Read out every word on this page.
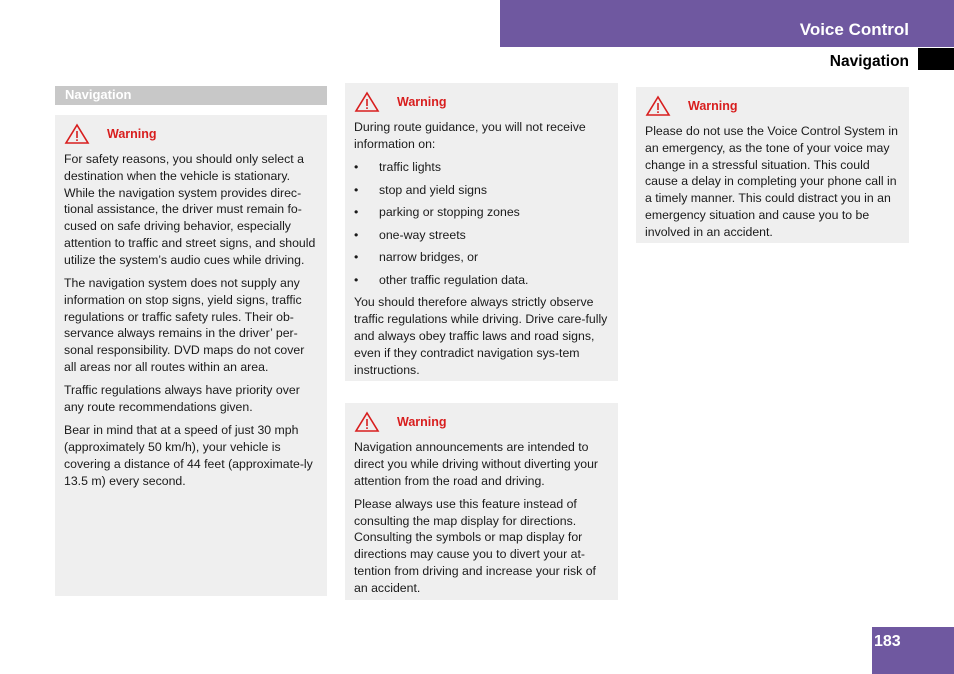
Voice Control
Navigation
Navigation
Warning

For safety reasons, you should only select a destination when the vehicle is stationary. While the navigation system provides direc-tional assistance, the driver must remain fo-cused on safe driving behavior, especially attention to traffic and street signs, and should utilize the system’s audio cues while driving.

The navigation system does not supply any information on stop signs, yield signs, traffic regulations or traffic safety rules. Their ob-servance always remains in the driver’ per-sonal responsibility. DVD maps do not cover all areas nor all routes within an area.

Traffic regulations always have priority over any route recommendations given.

Bear in mind that at a speed of just 30 mph (approximately 50 km/h), your vehicle is covering a distance of 44 feet (approximate-ly 13.5 m) every second.

Warning

During route guidance, you will not receive information on:

• traffic lights
• stop and yield signs
• parking or stopping zones
• one-way streets
• narrow bridges, or
• other traffic regulation data.

You should therefore always strictly observe traffic regulations while driving. Drive care-fully and always obey traffic laws and road signs, even if they contradict navigation sys-tem instructions.

Warning

Navigation announcements are intended to direct you while driving without diverting your attention from the road and driving.

Please always use this feature instead of consulting the map display for directions. Consulting the symbols or map display for directions may cause you to divert your at-tention from driving and increase your risk of an accident.

Warning

Please do not use the Voice Control System in an emergency, as the tone of your voice may change in a stressful situation. This could cause a delay in completing your phone call in a timely manner. This could distract you in an emergency situation and cause you to be involved in an accident.

183
